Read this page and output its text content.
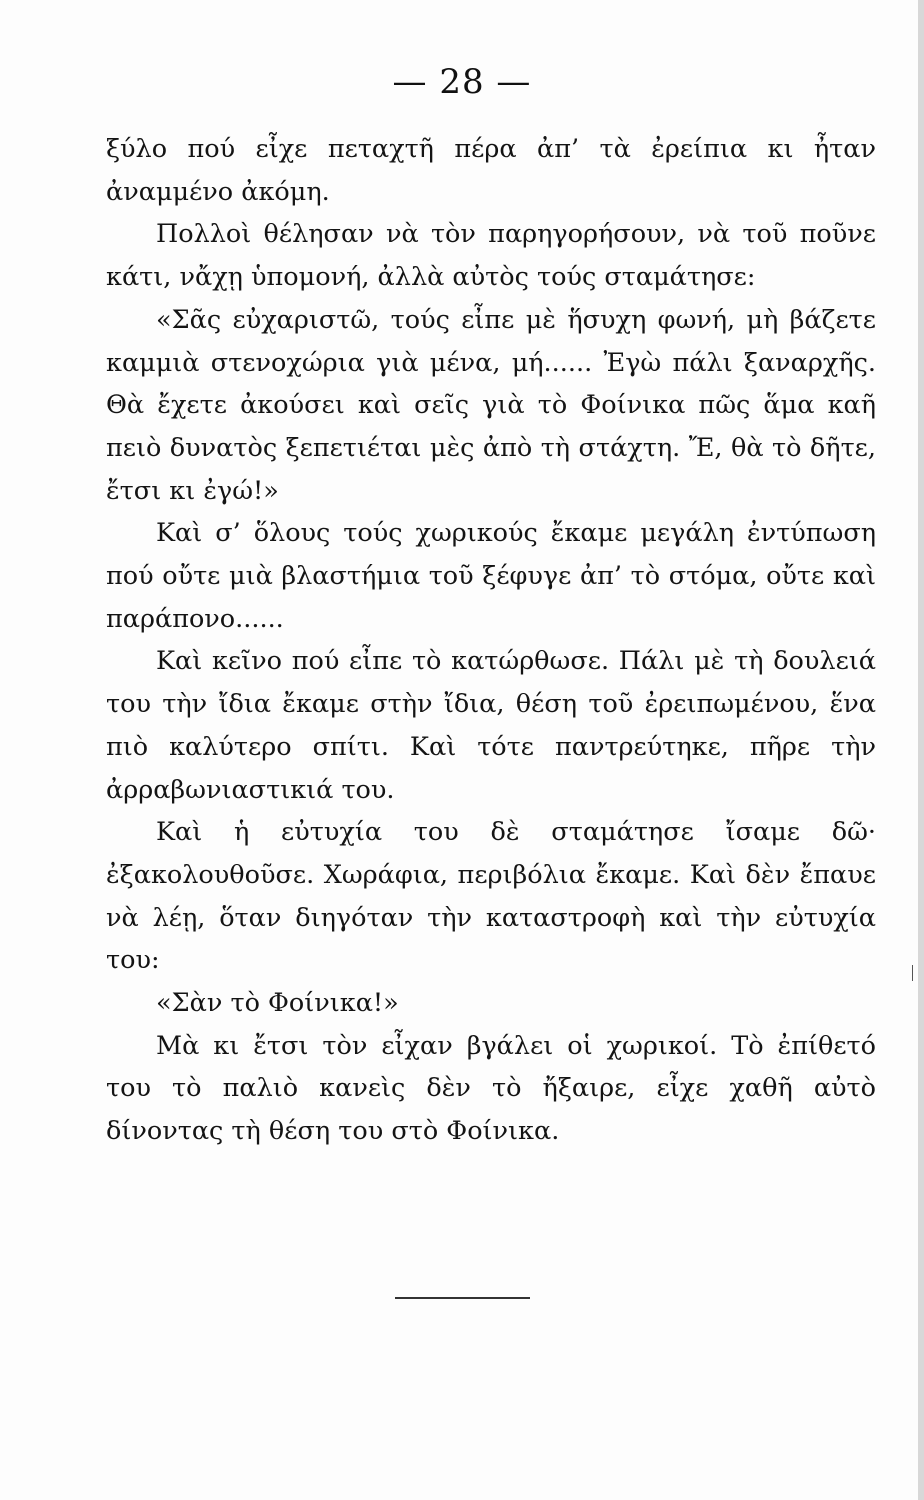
— 28 —

ξύλο πού εἶχε πεταχτῆ πέρα ἀπ’ τὰ ἐρείπια κι ἦταν ἀναμμένο ἀκόμη.

Πολλοὶ θέλησαν νὰ τὸν παρηγορήσουν, νὰ τοῦ ποῦνε κάτι, νἄχῃ ὑπομονή, ἀλλὰ αὐτὸς τούς σταμάτησε:

«Σᾶς εὐχαριστῶ, τούς εἶπε μὲ ἥσυχη φωνή, μὴ βάζετε καμμιὰ στενοχώρια γιὰ μένα, μή...... Ἐγὼ πάλι ξαναρχῆς. Θὰ ἔχετε ἀκούσει καὶ σεῖς γιὰ τὸ Φοίνικα πῶς ἅμα καῆ πειὸ δυνατὸς ξεπετιέται μὲς ἀπὸ τὴ στάχτη. Ἔ, θὰ τὸ δῆτε, ἔτσι κι ἐγώ!»

Καὶ σ’ ὅλους τούς χωρικούς ἔκαμε μεγάλη ἐντύπωση πού οὔτε μιὰ βλαστήμια τοῦ ξέφυγε ἀπ’ τὸ στόμα, οὔτε καὶ παράπονο......

Καὶ κεῖνο πού εἶπε τὸ κατώρθωσε. Πάλι μὲ τὴ δουλειά του τὴν ἴδια ἔκαμε στὴν ἴδια, θέση τοῦ ἐρειπωμένου, ἕνα πιὸ καλύτερο σπίτι. Καὶ τότε παντρεύτηκε, πῆρε τὴν ἀρραβωνιαστικιά του.

Καὶ ἡ εὐτυχία του δὲ σταμάτησε ἴσαμε δῶ· ἐξακολουθοῦσε. Χωράφια, περιβόλια ἔκαμε. Καὶ δὲν ἔπαυε νὰ λέῃ, ὅταν διηγόταν τὴν καταστροφὴ καὶ τὴν εὐτυχία του:

«Σὰν τὸ Φοίνικα!»

Μὰ κι ἔτσι τὸν εἶχαν βγάλει οἱ χωρικοί. Τὸ ἐπίθετό του τὸ παλιὸ κανεὶς δὲν τὸ ἤξαιρε, εἶχε χαθῆ αὐτὸ δίνοντας τὴ θέση του στὸ Φοίνικα.
